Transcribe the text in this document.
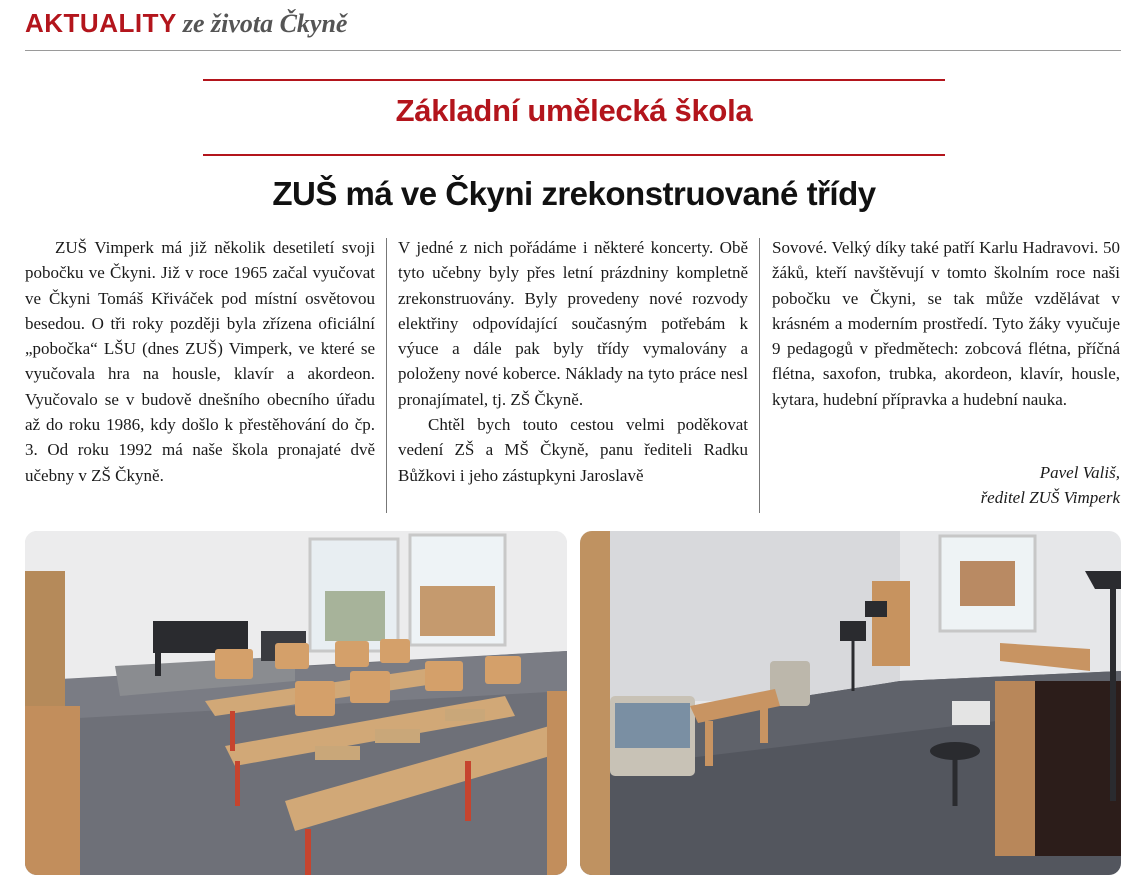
AKTUALITY ze života Čkyně
Základní umělecká škola
ZUŠ má ve Čkyni zrekonstruované třídy

ZUŠ Vimperk má již několik desetiletí svoji pobočku ve Čkyni. Již v roce 1965 začal vyučovat ve Čkyni Tomáš Křiváček pod místní osvětovou besedou. O tři roky později byla zřízena oficiální „pobočka“ LŠU (dnes ZUŠ) Vimperk, ve které se vyučovala hra na housle, klavír a akordeon. Vyučovalo se v budově dnešního obecního úřadu až do roku 1986, kdy došlo k přestěhování do čp. 3. Od roku 1992 má naše škola pronajaté dvě učebny v ZŠ Čkyně.

V jedné z nich pořádáme i některé koncerty. Obě tyto učebny byly přes letní prázdniny kompletně zrekonstruovány. Byly provedeny nové rozvody elektřiny odpovídající současným potřebám k výuce a dále pak byly třídy vymalovány a položeny nové koberce. Náklady na tyto práce nesl pronajímatel, tj. ZŠ Čkyně.

Chtěl bych touto cestou velmi poděkovat vedení ZŠ a MŠ Čkyně, panu řediteli Radku Bůžkovi i jeho zástupkyni Jaroslavě

Sovové. Velký díky také patří Karlu Hadravovi. 50 žáků, kteří navštěvují v tomto školním roce naši pobočku ve Čkyni, se tak může vzdělávat v krásném a moderním prostředí. Tyto žáky vyučuje 9 pedagogů v předmětech: zobcová flétna, příčná flétna, saxofon, trubka, akordeon, klavír, housle, kytara, hudební přípravka a hudební nauka.

Pavel Vališ,
ředitel ZUŠ Vimperk
